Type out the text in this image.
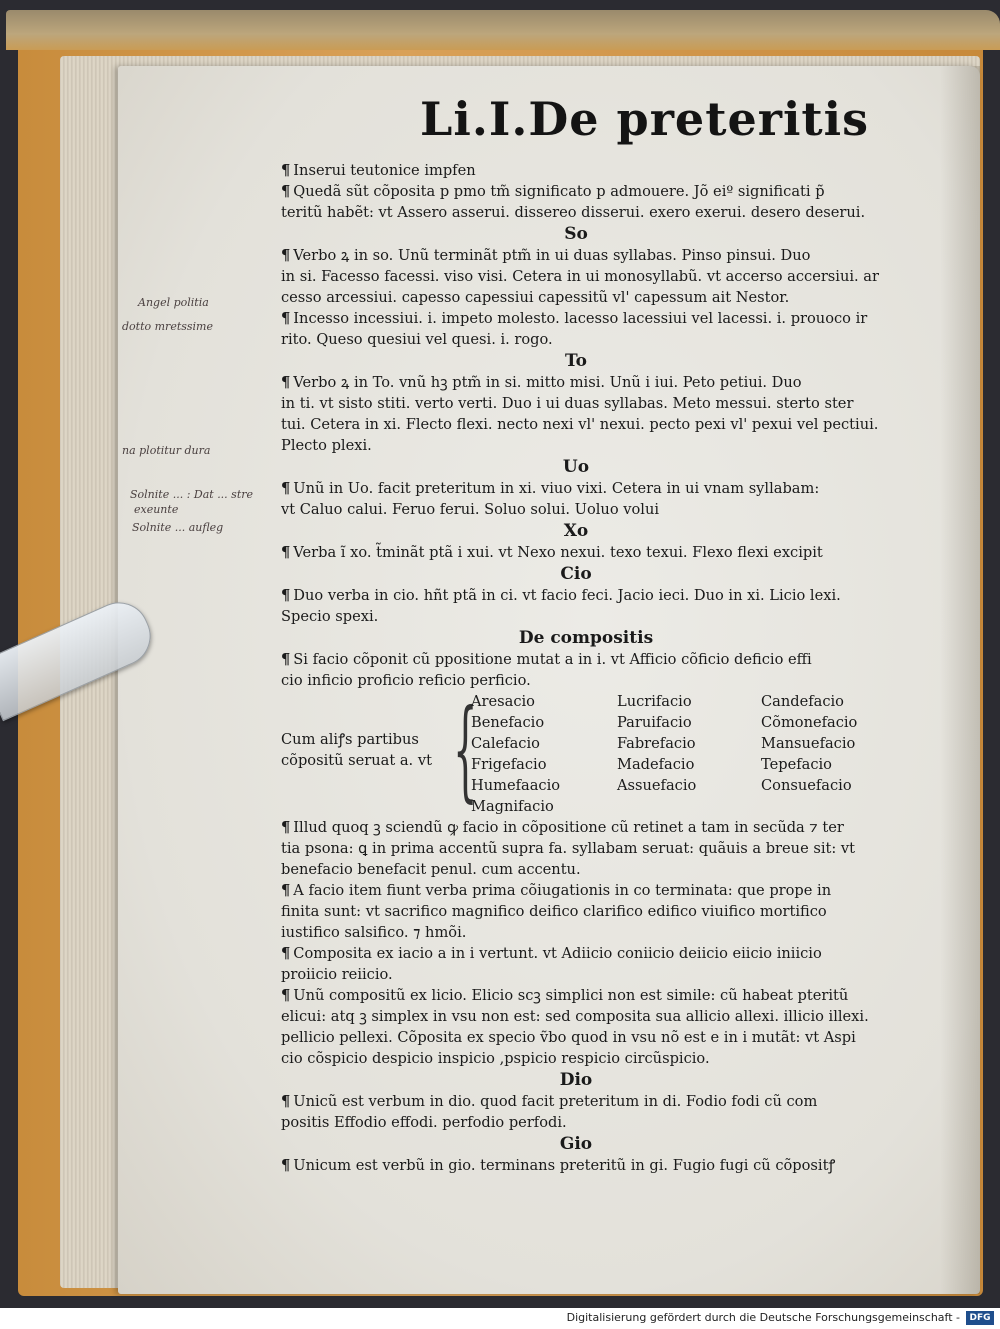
Angel politia
dotto mretssime
na plotitur dura
Solnite ... : Dat ... stre
exeunte
Solnite ... aufleg
Li.I.De preteritis
¶ Inserui teutonice impfen
¶ Quedã sũt cõposita p pmo tm̃ significato p admouere. Jõ eiº significati p̃
teritũ habẽt: vt Assero asserui. dissereo disserui. exero exerui. desero deserui.
So
¶ Verbo ꝝ in so. Unũ terminãt ptm̃ in ui duas syllabas. Pinso pinsui. Duo
in si. Facesso facessi. viso visi. Cetera in ui monosyllabũ. vt accerso accersiui. ar
cesso arcessiui. capesso capessiui capessitũ vl' capessum ait Nestor.
¶ Incesso incessiui. i. impeto molesto. lacesso lacessiui vel lacessi. i. prouoco ir
rito. Queso quesiui vel quesi. i. rogo.
To
¶ Verbo ꝝ in To. vnũ hꝫ ptm̃ in si. mitto misi. Unũ i iui. Peto petiui. Duo
in ti. vt sisto stiti. verto verti. Duo i ui duas syllabas. Meto messui. sterto ster
tui. Cetera in xi. Flecto flexi. necto nexi vl' nexui. pecto pexi vl' pexui vel pectiui.
Plecto plexi.
Uo
¶ Unũ in Uo. facit preteritum in xi. viuo vixi. Cetera in ui vnam syllabam:
vt Caluo calui. Feruo ferui. Soluo solui. Uoluo volui
Xo
¶ Verba ĩ xo. t̃minãt ptã i xui. vt Nexo nexui. texo texui. Flexo flexi excipit
Cio
¶ Duo verba in cio. hñt ptã in ci. vt facio feci. Jacio ieci. Duo in xi. Licio lexi.
Specio spexi.
De compositis
¶ Si facio cõponit cũ ppositione mutat a in i. vt Afficio cõficio deficio effi
cio inficio proficio reficio perficio.
Cum aliꝭs partibus
cõpositũ seruat a. vt {
Aresacio
Benefacio
Calefacio
Frigefacio
Humefaacio
Magnifacio
Lucrifacio
Paruifacio
Fabrefacio
Madefacio
Assuefacio
Candefacio
Cõmonefacio
Mansuefacio
Tepefacio
Consuefacio
¶ Illud quoq ꝫ sciendũ ꝙ facio in cõpositione cũ retinet a tam in secũda ⁊ ter
tia psona: ꝗ in prima accentũ supra fa. syllabam seruat: quãuis a breue sit: vt
benefacio benefacit penul. cum accentu.
¶ A facio item fiunt verba prima cõiugationis in co terminata: que prope in
finita sunt: vt sacrifico magnifico deifico clarifico edifico viuifico mortifico
iustifico salsifico. ⁊ hmõi.
¶ Composita ex iacio a in i vertunt. vt Adiicio coniicio deiicio eiicio iniicio
proiicio reiicio.
¶ Unũ compositũ ex licio. Elicio scꝫ simplici non est simile: cũ habeat pteritũ
elicui: atq ꝫ simplex in vsu non est: sed composita sua allicio allexi. illicio illexi.
pellicio pellexi. Cõposita ex specio ṽbo quod in vsu nõ est e in i mutãt: vt Aspi
cio cõspicio despicio inspicio ,pspicio respicio circũspicio.
Dio
¶ Unicũ est verbum in dio. quod facit preteritum in di. Fodio fodi cũ com
positis Effodio effodi. perfodio perfodi.
Gio
¶ Unicum est verbũ in gio. terminans preteritũ in gi. Fugio fugi cũ cõpositꝭ
Digitalisierung gefördert durch die Deutsche Forschungsgemeinschaft -	DFG
